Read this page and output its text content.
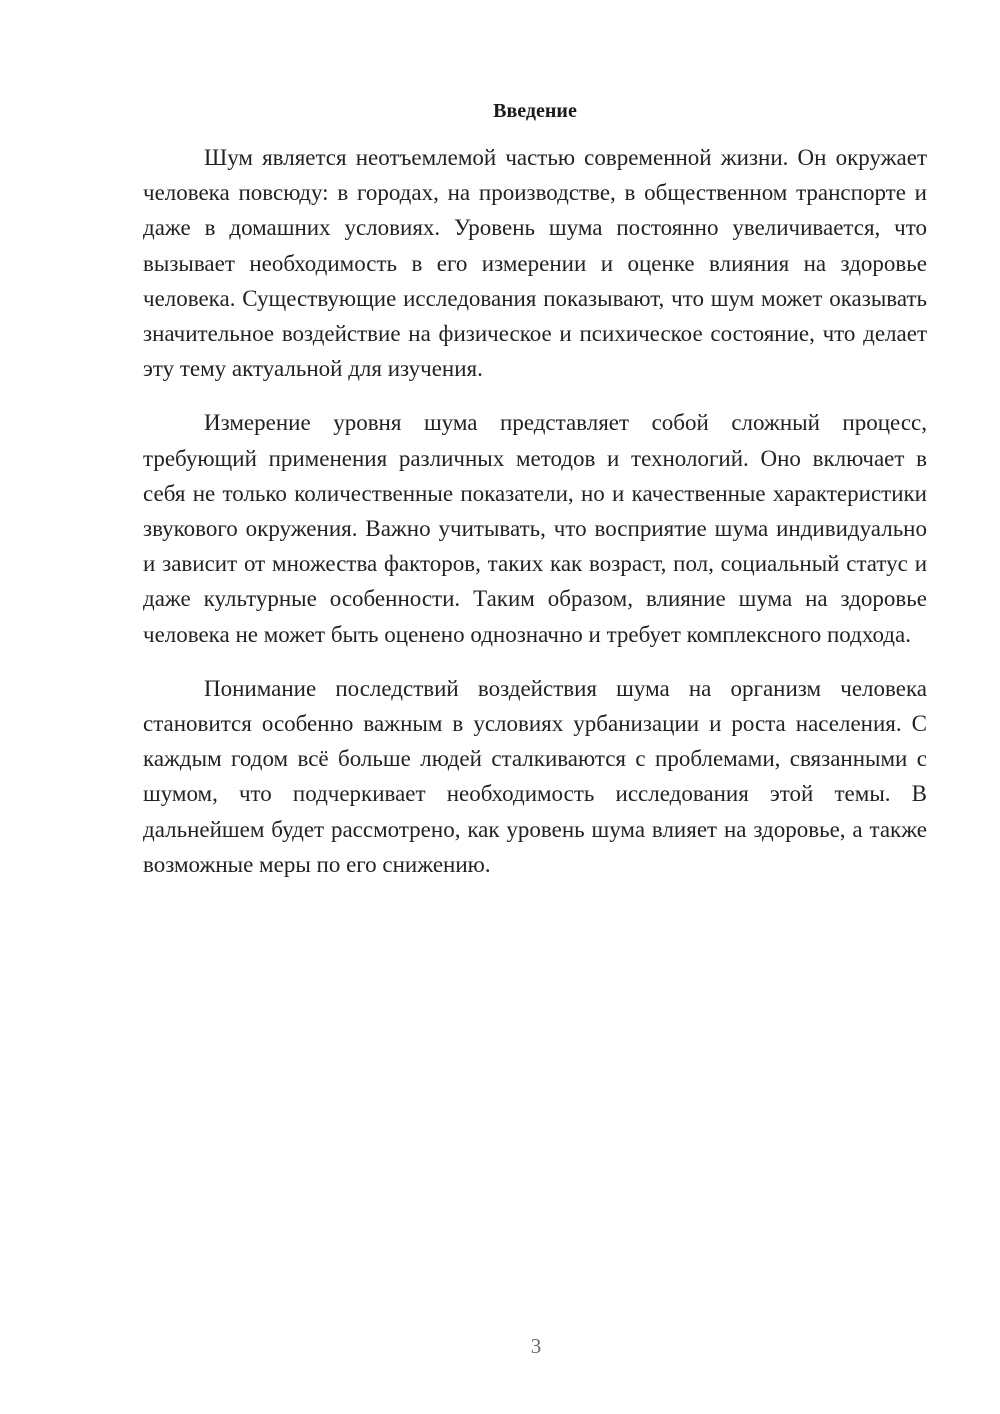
Введение

Шум является неотъемлемой частью современной жизни. Он окружает человека повсюду: в городах, на производстве, в общественном транспорте и даже в домашних условиях. Уровень шума постоянно увеличивается, что вызывает необходимость в его измерении и оценке влияния на здоровье человека. Существующие исследования показывают, что шум может оказывать значительное воздействие на физическое и психическое состояние, что делает эту тему актуальной для изучения.

Измерение уровня шума представляет собой сложный процесс, требующий применения различных методов и технологий. Оно включает в себя не только количественные показатели, но и качественные характеристики звукового окружения. Важно учитывать, что восприятие шума индивидуально и зависит от множества факторов, таких как возраст, пол, социальный статус и даже культурные особенности. Таким образом, влияние шума на здоровье человека не может быть оценено однозначно и требует комплексного подхода.

Понимание последствий воздействия шума на организм человека становится особенно важным в условиях урбанизации и роста населения. С каждым годом всё больше людей сталкиваются с проблемами, связанными с шумом, что подчеркивает необходимость исследования этой темы. В дальнейшем будет рассмотрено, как уровень шума влияет на здоровье, а также возможные меры по его снижению.

3
